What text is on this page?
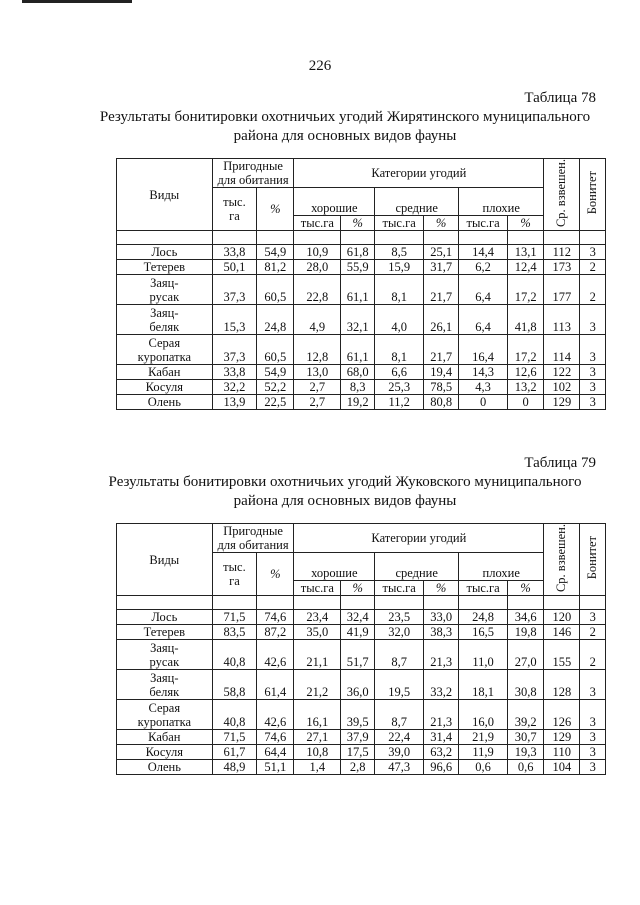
226
Таблица 78
Результаты бонитировки охотничьих угодий Жирятинского муниципального
района для основных видов фауны
Виды	Пригодные
для обитания		Категории угодий						Ср. взвешен.	Бонитет

	тыс.
га	%	хорошие		средние		плохие			
			тыс.га	%	тыс.га	%	тыс.га	%		

Лось	33,8	54,9	10,9	61,8	8,5	25,1	14,4	13,1	112	3

Тетерев	50,1	81,2	28,0	55,9	15,9	31,7	6,2	12,4	173	2

Заяц-
русак	37,3	60,5	22,8	61,1	8,1	21,7	6,4	17,2	177	2

Заяц-
беляк	15,3	24,8	4,9	32,1	4,0	26,1	6,4	41,8	113	3

Серая
куропатка	37,3	60,5	12,8	61,1	8,1	21,7	16,4	17,2	114	3

Кабан	33,8	54,9	13,0	68,0	6,6	19,4	14,3	12,6	122	3

Косуля	32,2	52,2	2,7	8,3	25,3	78,5	4,3	13,2	102	3

Олень	13,9	22,5	2,7	19,2	11,2	80,8	0	0	129	3
Таблица 79
Результаты бонитировки охотничьих угодий Жуковского муниципального
района для основных видов фауны
Виды	Пригодные
для обитания		Категории угодий						Ср. взвешен.	Бонитет

	тыс.
га	%	хорошие		средние		плохие			
			тыс.га	%	тыс.га	%	тыс.га	%		

Лось	71,5	74,6	23,4	32,4	23,5	33,0	24,8	34,6	120	3

Тетерев	83,5	87,2	35,0	41,9	32,0	38,3	16,5	19,8	146	2

Заяц-
русак	40,8	42,6	21,1	51,7	8,7	21,3	11,0	27,0	155	2

Заяц-
беляк	58,8	61,4	21,2	36,0	19,5	33,2	18,1	30,8	128	3

Серая
куропатка	40,8	42,6	16,1	39,5	8,7	21,3	16,0	39,2	126	3

Кабан	71,5	74,6	27,1	37,9	22,4	31,4	21,9	30,7	129	3

Косуля	61,7	64,4	10,8	17,5	39,0	63,2	11,9	19,3	110	3

Олень	48,9	51,1	1,4	2,8	47,3	96,6	0,6	0,6	104	3
